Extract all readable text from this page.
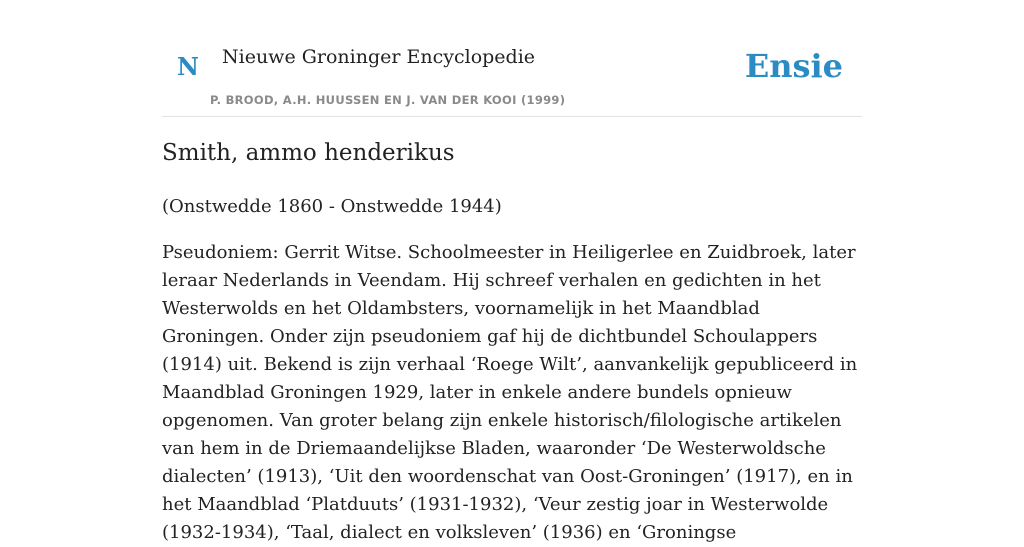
N Nieuwe Groninger Encyclopedie
P. BROOD, A.H. HUUSSEN EN J. VAN DER KOOI (1999)
Ensie
Smith, ammo henderikus

(Onstwedde 1860 - Onstwedde 1944)

Pseudoniem: Gerrit Witse. Schoolmeester in Heiligerlee en Zuidbroek, later leraar Nederlands in Veendam. Hij schreef verhalen en gedichten in het Westerwolds en het Oldambsters, voornamelijk in het Maandblad Groningen. Onder zijn pseudoniem gaf hij de dichtbundel Schoulappers (1914) uit. Bekend is zijn verhaal ‘Roege Wilt’, aanvankelijk gepubliceerd in Maandblad Groningen 1929, later in enkele andere bundels opnieuw opgenomen. Van groter belang zijn enkele historisch/filologische artikelen van hem in de Driemaandelijkse Bladen, waaronder ‘De Westerwoldsche dialecten’ (1913), ‘Uit den woordenschat van Oost-Groningen’ (1917), en in het Maandblad ‘Platduuts’ (1931-1932), ‘Veur zestig joar in Westerwolde (1932-1934), ‘Taal, dialect en volksleven’ (1936) en ‘Groningse
